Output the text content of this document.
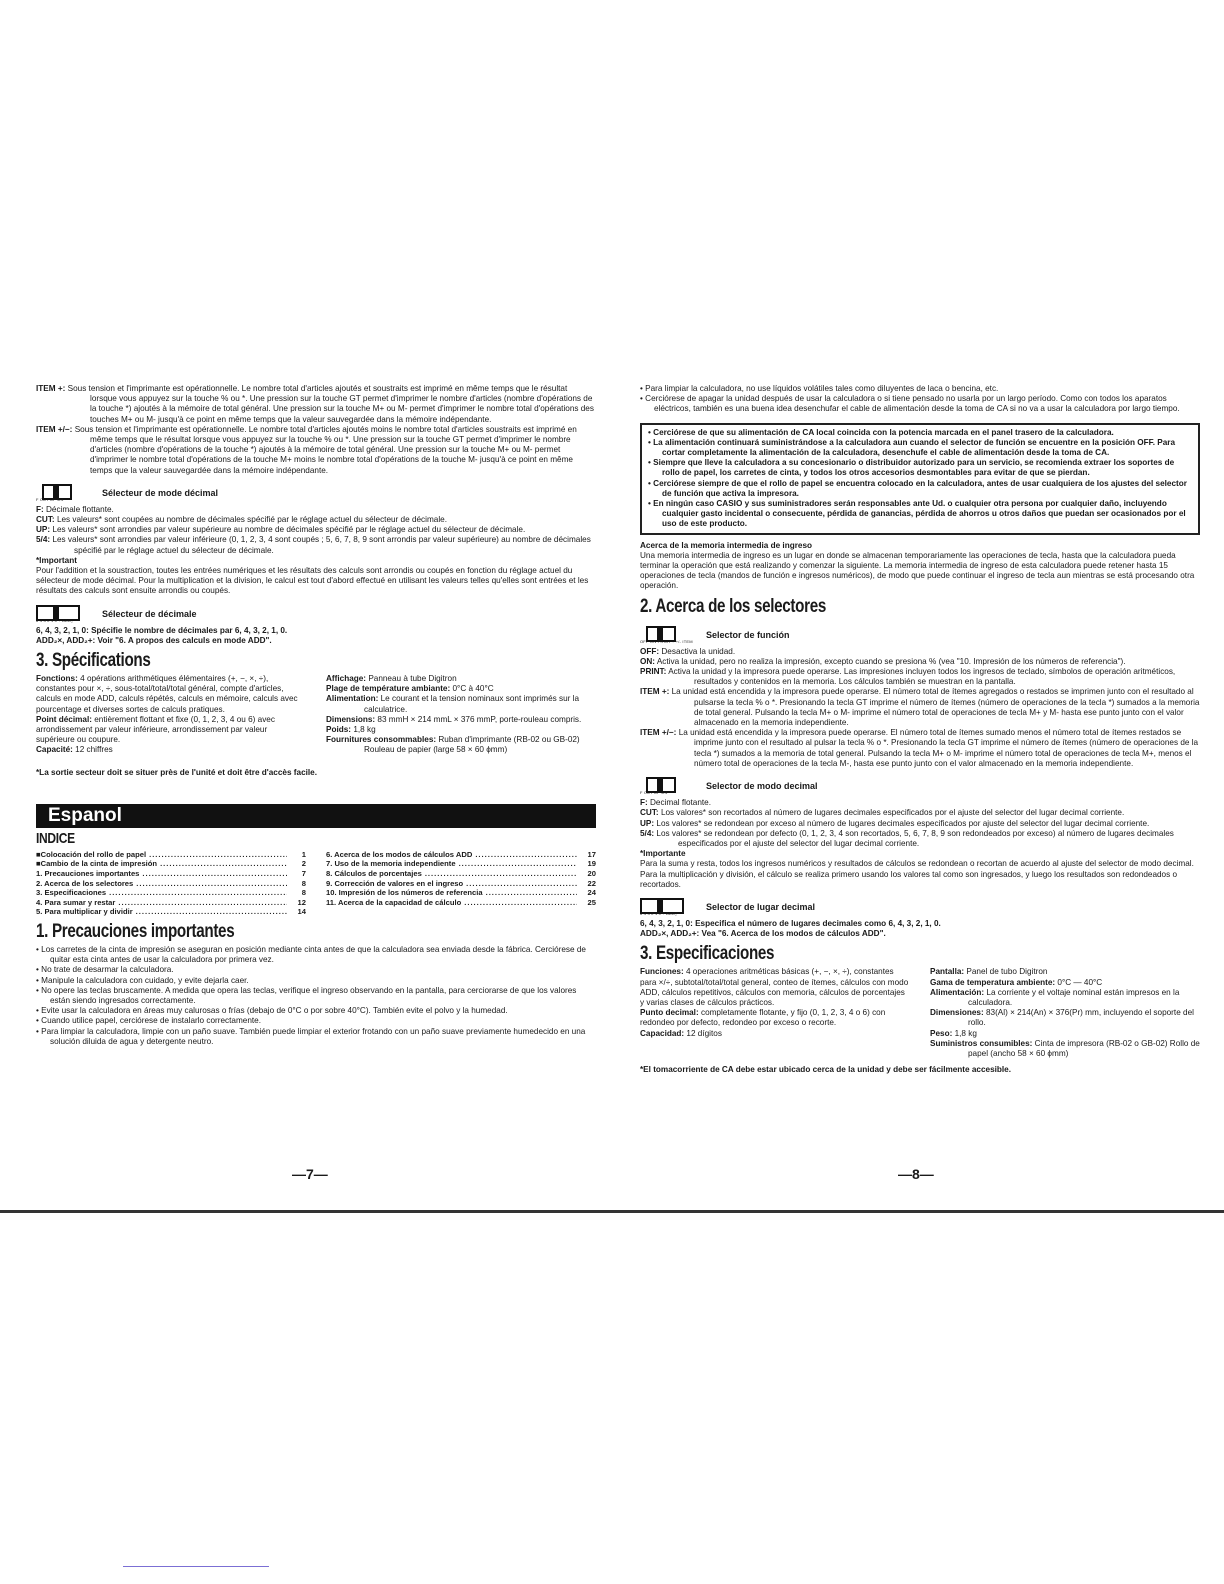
ITEM +: Sous tension et l'imprimante est opérationnelle. Le nombre total d'articles ajoutés et soustraits est imprimé en même temps que le résultat lorsque vous appuyez sur la touche % ou *. Une pression sur la touche GT permet d'imprimer le nombre d'articles (nombre d'opérations de la touche *) ajoutés à la mémoire de total général. Une pression sur la touche M+ ou M- permet d'imprimer le nombre total d'opérations des touches M+ ou M- jusqu'à ce point en même temps que la valeur sauvegardée dans la mémoire indépendante.

ITEM +/−: Sous tension et l'imprimante est opérationnelle. Le nombre total d'articles ajoutés moins le nombre total d'articles soustraits est imprimé en même temps que le résultat lorsque vous appuyez sur la touche % ou *. Une pression sur la touche GT permet d'imprimer le nombre d'articles (nombre d'opérations de la touche *) ajoutés à la mémoire de total général. Une pression sur la touche M+ ou M- permet d'imprimer le nombre total d'opérations de la touche M+ moins le nombre total d'opérations de la touche M- jusqu'à ce point en même temps que la valeur sauvegardée dans la mémoire indépendante.

F CUT UP 5/4
Sélecteur de mode décimal

F: Décimale flottante.

CUT: Les valeurs* sont coupées au nombre de décimales spécifié par le réglage actuel du sélecteur de décimale.

UP: Les valeurs* sont arrondies par valeur supérieure au nombre de décimales spécifié par le réglage actuel du sélecteur de décimale.

5/4: Les valeurs* sont arrondies par valeur inférieure (0, 1, 2, 3, 4 sont coupés ; 5, 6, 7, 8, 9 sont arrondis par valeur supérieure) au nombre de décimales spécifié par le réglage actuel du sélecteur de décimale.

*Important

Pour l'addition et la soustraction, toutes les entrées numériques et les résultats des calculs sont arrondis ou coupés en fonction du réglage actuel du sélecteur de mode décimal. Pour la multiplication et la division, le calcul est tout d'abord effectué en utilisant les valeurs telles qu'elles sont entrées et les résultats des calculs sont ensuite arrondis ou coupés.

6 4 3 2 1 0 + ADD₂
Sélecteur de décimale

6, 4, 3, 2, 1, 0: Spécifie le nombre de décimales par 6, 4, 3, 2, 1, 0.

ADD₂×, ADD₂+: Voir "6. A propos des calculs en mode ADD".

3. Spécifications

Fonctions: 4 opérations arithmétiques élémentaires (+, −, ×, ÷), constantes pour ×, ÷, sous-total/total/total général, compte d'articles, calculs en mode ADD, calculs répétés, calculs en mémoire, calculs avec pourcentage et diverses sortes de calculs pratiques.

Point décimal: entièrement flottant et fixe (0, 1, 2, 3, 4 ou 6) avec arrondissement par valeur inférieure, arrondissement par valeur supérieure ou coupure.

Capacité: 12 chiffres

Affichage: Panneau à tube Digitron

Plage de température ambiante: 0°C à 40°C

Alimentation: Le courant et la tension nominaux sont imprimés sur la calculatrice.

Dimensions: 83 mmH × 214 mmL × 376 mmP, porte-rouleau compris.

Poids: 1,8 kg

Fournitures consommables: Ruban d'imprimante (RB-02 ou GB-02) Rouleau de papier (large 58 × 60 ϕmm)

*La sortie secteur doit se situer près de l'unité et doit être d'accès facile.

Espanol
INDICE
■Colocación del rollo de papel .....	1
■Cambio de la cinta de impresión .....	2
1. Precauciones importantes .....	7
2. Acerca de los selectores .....	8
3. Especificaciones .....	8
4. Para sumar y restar .....	12
5. Para multiplicar y dividir .....	14
6. Acerca de los modos de cálculos ADD .....	17
7. Uso de la memoria independiente .....	19
8. Cálculos de porcentajes .....	20
9. Corrección de valores en el ingreso .....	22
10. Impresión de los números de referencia .....	24
11. Acerca de la capacidad de cálculo .....	25
1. Precauciones importantes

• Los carretes de la cinta de impresión se aseguran en posición mediante cinta antes de que la calculadora sea enviada desde la fábrica. Cerciórese de quitar esta cinta antes de usar la calculadora por primera vez.

• No trate de desarmar la calculadora.

• Manipule la calculadora con cuidado, y evite dejarla caer.

• No opere las teclas bruscamente. A medida que opera las teclas, verifique el ingreso observando en la pantalla, para cerciorarse de que los valores están siendo ingresados correctamente.

• Evite usar la calculadora en áreas muy calurosas o frías (debajo de 0°C o por sobre 40°C). También evite el polvo y la humedad.

• Cuando utilice papel, cerciórese de instalarlo correctamente.

• Para limpiar la calculadora, limpie con un paño suave. También puede limpiar el exterior frotando con un paño suave previamente humedecido en una solución diluida de agua y detergente neutro.

—7—

• Para limpiar la calculadora, no use líquidos volátiles tales como diluyentes de laca o bencina, etc.

• Cerciórese de apagar la unidad después de usar la calculadora o si tiene pensado no usarla por un largo período. Como con todos los aparatos eléctricos, también es una buena idea desenchufar el cable de alimentación desde la toma de CA si no va a usar la calculadora por largo tiempo.

• Cerciórese de que su alimentación de CA local coincida con la potencia marcada en el panel trasero de la calculadora.

• La alimentación continuará suministrándose a la calculadora aun cuando el selector de función se encuentre en la posición OFF. Para cortar completamente la alimentación de la calculadora, desenchufe el cable de alimentación desde la toma de CA.

• Siempre que lleve la calculadora a su concesionario o distribuidor autorizado para un servicio, se recomienda extraer los soportes de rollo de papel, los carretes de cinta, y todos los otros accesorios desmontables para evitar de que se pierdan.

• Cerciórese siempre de que el rollo de papel se encuentra colocado en la calculadora, antes de usar cualquiera de los ajustes del selector de función que activa la impresora.

• En ningún caso CASIO y sus suministradores serán responsables ante Ud. o cualquier otra persona por cualquier daño, incluyendo cualquier gasto incidental o consecuente, pérdida de ganancias, pérdida de ahorros u otros daños que puedan ser ocasionados por el uso de este producto.

Acerca de la memoria intermedia de ingreso

Una memoria intermedia de ingreso es un lugar en donde se almacenan temporariamente las operaciones de tecla, hasta que la calculadora pueda terminar la operación que está realizando y comenzar la siguiente. La memoria intermedia de ingreso de esta calculadora puede retener hasta 15 operaciones de tecla (mandos de función e ingresos numéricos), de modo que puede continuar el ingreso de tecla aun mientras se está procesando otra operación.

2. Acerca de los selectores
OFF ON PRINT + +/- ITEM
Selector de función

OFF: Desactiva la unidad.

ON: Activa la unidad, pero no realiza la impresión, excepto cuando se presiona % (vea "10. Impresión de los números de referencia").

PRINT: Activa la unidad y la impresora puede operarse. Las impresiones incluyen todos los ingresos de teclado, símbolos de operación aritméticos, resultados y contenidos en la memoria. Los cálculos también se muestran en la pantalla.

ITEM +: La unidad está encendida y la impresora puede operarse. El número total de ítemes agregados o restados se imprimen junto con el resultado al pulsarse la tecla % o *. Presionando la tecla GT imprime el número de ítemes (número de operaciones de la tecla *) sumados a la memoria de total general. Pulsando la tecla M+ o M- imprime el número total de operaciones de tecla M+ y M- hasta ese punto junto con el valor almacenado en la memoria independiente.

ITEM +/−: La unidad está encendida y la impresora puede operarse. El número total de ítemes sumado menos el número total de ítemes restados se imprime junto con el resultado al pulsar la tecla % o *. Presionando la tecla GT imprime el número de ítemes (número de operaciones de la tecla *) sumados a la memoria de total general. Pulsando la tecla M+ o M- imprime el número total de operaciones de tecla M+, menos el número total de operaciones de la tecla M-, hasta ese punto junto con el valor almacenado en la memoria independiente.

F CUT UP 5/4
Selector de modo decimal

F: Decimal flotante.

CUT: Los valores* son recortados al número de lugares decimales especificados por el ajuste del selector del lugar decimal corriente.

UP: Los valores* se redondean por exceso al número de lugares decimales especificados por ajuste del selector del lugar decimal corriente.

5/4: Los valores* se redondean por defecto (0, 1, 2, 3, 4 son recortados, 5, 6, 7, 8, 9 son redondeados por exceso) al número de lugares decimales especificados por el ajuste del selector del lugar decimal corriente.

*Importante

Para la suma y resta, todos los ingresos numéricos y resultados de cálculos se redondean o recortan de acuerdo al ajuste del selector de modo decimal. Para la multiplicación y división, el cálculo se realiza primero usando los valores tal como son ingresados, y luego los resultados son redondeados o recortados.

6 4 3 2 1 0 + ADD₂
Selector de lugar decimal

6, 4, 3, 2, 1, 0: Especifica el número de lugares decimales como 6, 4, 3, 2, 1, 0.

ADD₂×, ADD₂+: Vea "6. Acerca de los modos de cálculos ADD".

3. Especificaciones

Funciones: 4 operaciones aritméticas básicas (+, −, ×, ÷), constantes para ×/÷, subtotal/total/total general, conteo de ítemes, cálculos con modo ADD, cálculos repetitivos, cálculos con memoria, cálculos de porcentajes y varias clases de cálculos prácticos.

Punto decimal: completamente flotante, y fijo (0, 1, 2, 3, 4 o 6) con redondeo por defecto, redondeo por exceso o recorte.

Capacidad: 12 dígitos

Pantalla: Panel de tubo Digitron

Gama de temperatura ambiente: 0°C — 40°C

Alimentación: La corriente y el voltaje nominal están impresos en la calculadora.

Dimensiones: 83(Al) × 214(An) × 376(Pr) mm, incluyendo el soporte del rollo.

Peso: 1,8 kg

Suministros consumibles: Cinta de impresora (RB-02 o GB-02) Rollo de papel (ancho 58 × 60 ϕmm)

*El tomacorriente de CA debe estar ubicado cerca de la unidad y debe ser fácilmente accesible.

—8—
